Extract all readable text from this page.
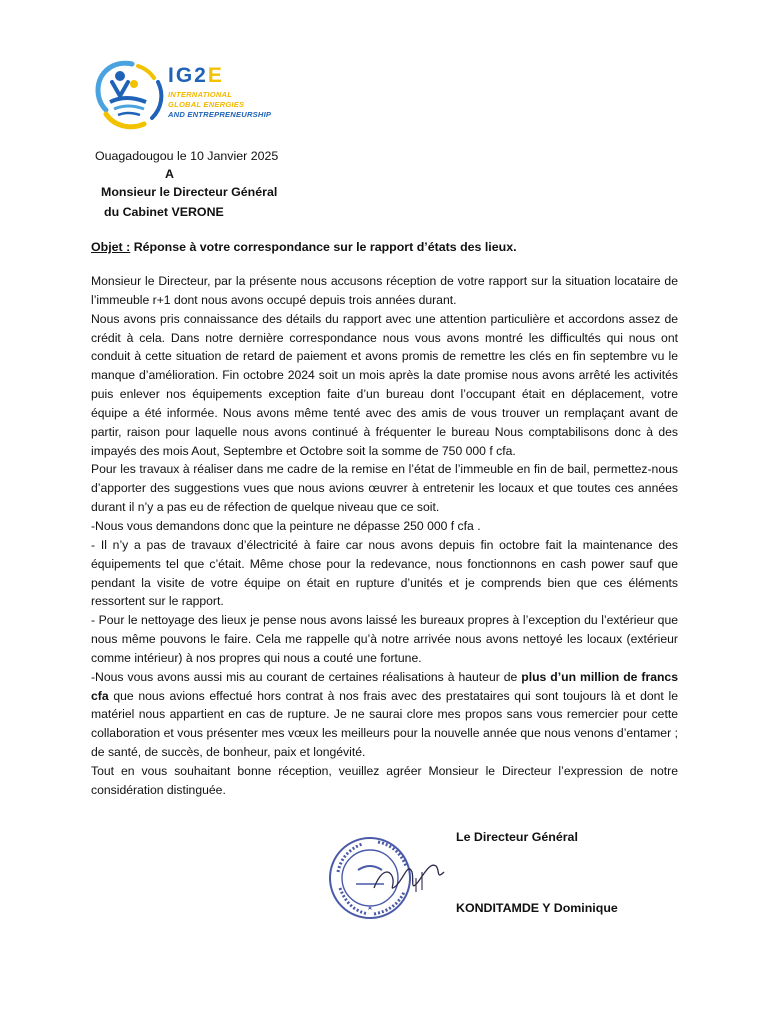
IG2E
INTERNATIONAL
GLOBAL ENERGIES
AND ENTREPRENEURSHIP
Ouagadougou le 10 Janvier 2025
A
Monsieur le Directeur Général
du Cabinet VERONE
Objet : Réponse à votre correspondance sur le rapport d’états des lieux.

Monsieur le Directeur, par la présente nous accusons réception de votre rapport sur la situation locataire de l’immeuble r+1 dont nous avons occupé depuis trois années durant.

Nous avons pris connaissance des détails du rapport avec une attention particulière et accordons assez de crédit à cela. Dans notre dernière correspondance nous vous avons montré les difficultés qui nous ont conduit à cette situation de retard de paiement et avons promis de remettre les clés en fin septembre vu le manque d’amélioration. Fin octobre 2024 soit un mois après la date promise nous avons arrêté les activités puis enlever nos équipements exception faite d’un bureau dont l’occupant était en déplacement, votre équipe a été informée. Nous avons même tenté avec des amis de vous trouver un remplaçant avant de partir, raison pour laquelle nous avons continué à fréquenter le bureau Nous comptabilisons donc à des impayés des mois Aout, Septembre et Octobre soit la somme de 750 000 f cfa.

Pour les travaux à réaliser dans me cadre de la remise en l’état de l’immeuble en fin de bail, permettez-nous d’apporter des suggestions vues que nous avions œuvrer à entretenir les locaux et que toutes ces années durant il n’y a pas eu de réfection de quelque niveau que ce soit.

-Nous vous demandons donc que la peinture ne dépasse 250 000 f cfa .

- Il n’y a pas de travaux d’électricité à faire car nous avons depuis fin octobre fait la maintenance des équipements tel que c’était. Même chose pour la redevance, nous fonctionnons en cash power sauf que pendant la visite de votre équipe on était en rupture d’unités et je comprends bien que ces éléments ressortent sur le rapport.

- Pour le nettoyage des lieux je pense nous avons laissé les bureaux propres à l’exception du l’extérieur que nous même pouvons le faire. Cela me rappelle qu’à notre arrivée nous avons nettoyé les locaux (extérieur comme intérieur) à nos propres qui nous a couté une fortune.

-Nous vous avons aussi mis au courant de certaines réalisations à hauteur de plus d’un million de francs cfa que nous avions effectué hors contrat à nos frais avec des prestataires qui sont toujours là et dont le matériel nous appartient en cas de rupture. Je ne saurai clore mes propos sans vous remercier pour cette collaboration et vous présenter mes vœux les meilleurs pour la nouvelle année que nous venons d’entamer ; de santé, de succès, de bonheur, paix et longévité.

Tout en vous souhaitant bonne réception, veuillez agréer Monsieur le Directeur l’expression de notre considération distinguée.

Le Directeur Général
KONDITAMDE Y Dominique
